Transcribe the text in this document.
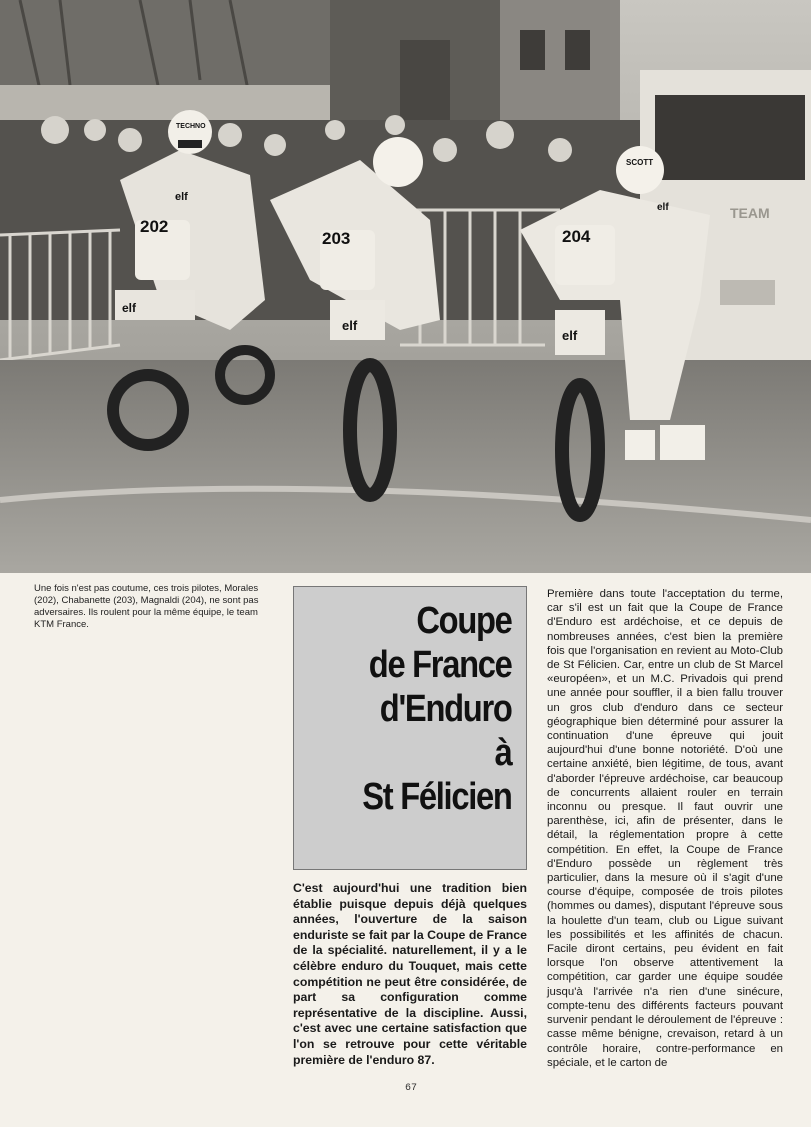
TEAM
202
elf
TECHNO
203
elf
elf
204
elf
SCOTT
elf
Une fois n'est pas coutume, ces trois pilotes, Morales (202), Chabanette (203), Magnaldi (204), ne sont pas adversaires. Ils roulent pour la même équipe, le team KTM France.	Coupe
de France
d'Enduro
à
St Félicien
C'est aujourd'hui une tradition bien établie puisque depuis déjà quelques années, l'ouverture de la saison enduriste se fait par la Coupe de France de la spécialité. naturellement, il y a le célèbre enduro du Touquet, mais cette compétition ne peut être considérée, de part sa configuration comme représentative de la discipline. Aussi, c'est avec une certaine satisfaction que l'on se retrouve pour cette véritable première de l'enduro 87.
Première dans toute l'acceptation du terme, car s'il est un fait que la Coupe de France d'Enduro est ardéchoise, et ce depuis de nombreuses années, c'est bien la première fois que l'organisation en revient au Moto-Club de St Félicien. Car, entre un club de St Marcel «européen», et un M.C. Privadois qui prend une année pour souffler, il a bien fallu trouver un gros club d'enduro dans ce secteur géographique bien déterminé pour assurer la continuation d'une épreuve qui jouit aujourd'hui d'une bonne notoriété. D'où une certaine anxiété, bien légitime, de tous, avant d'aborder l'épreuve ardéchoise, car beaucoup de concurrents allaient rouler en terrain inconnu ou presque. Il faut ouvrir une parenthèse, ici, afin de présenter, dans le détail, la réglementation propre à cette compétition. En effet, la Coupe de France d'Enduro possède un règlement très particulier, dans la mesure où il s'agit d'une course d'équipe, composée de trois pilotes (hommes ou dames), disputant l'épreuve sous la houlette d'un team, club ou Ligue suivant les possibilités et les affinités de chacun. Facile diront certains, peu évident en fait lorsque l'on observe attentivement la compétition, car garder une équipe soudée jusqu'à l'arrivée n'a rien d'une sinécure, compte-tenu des différents facteurs pouvant survenir pendant le déroulement de l'épreuve : casse même bénigne, crevaison, retard à un contrôle horaire, contre-performance en spéciale, et le carton de
67
